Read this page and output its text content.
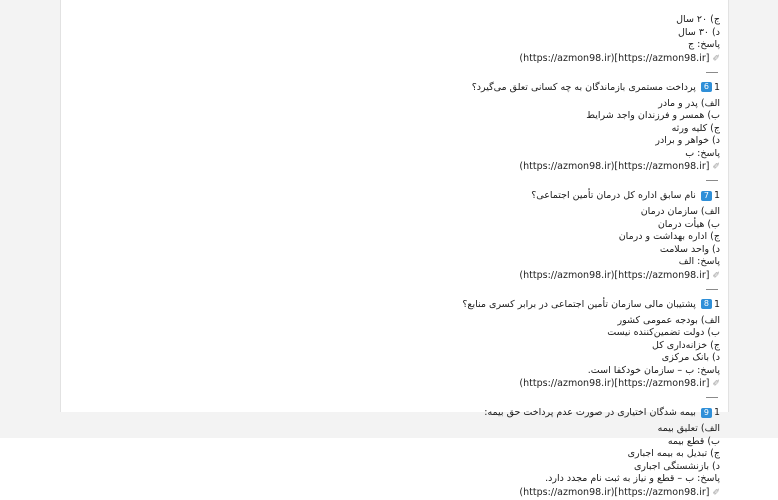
ج) ۲۰ سال
د) ۳۰ سال
پاسخ: ج
(https://azmon98.ir)[https://azmon98.ir] ✐
16 پرداخت مستمری بازماندگان به چه کسانی تعلق می‌گیرد؟
الف) پدر و مادر
ب) همسر و فرزندان واجد شرایط
ج) کلیه ورثه
د) خواهر و برادر
پاسخ: ب
(https://azmon98.ir)[https://azmon98.ir] ✐
17 نام سابق اداره کل درمان تأمین اجتماعی؟
الف) سازمان درمان
ب) هیأت درمان
ج) اداره بهداشت و درمان
د) واحد سلامت
پاسخ: الف
(https://azmon98.ir)[https://azmon98.ir] ✐
18 پشتیبان مالی سازمان تأمین اجتماعی در برابر کسری منابع؟
الف) بودجه عمومی کشور
ب) دولت تضمین‌کننده نیست
ج) خزانه‌داری کل
د) بانک مرکزی
پاسخ: ب – سازمان خودکفا است.
(https://azmon98.ir)[https://azmon98.ir] ✐
19 بیمه شدگان اختیاری در صورت عدم پرداخت حق بیمه:
الف) تعلیق بیمه
ب) قطع بیمه
ج) تبدیل به بیمه اجباری
د) بازنشستگی اجباری
پاسخ: ب – قطع و نیاز به ثبت نام مجدد دارد.
(https://azmon98.ir)[https://azmon98.ir] ✐
